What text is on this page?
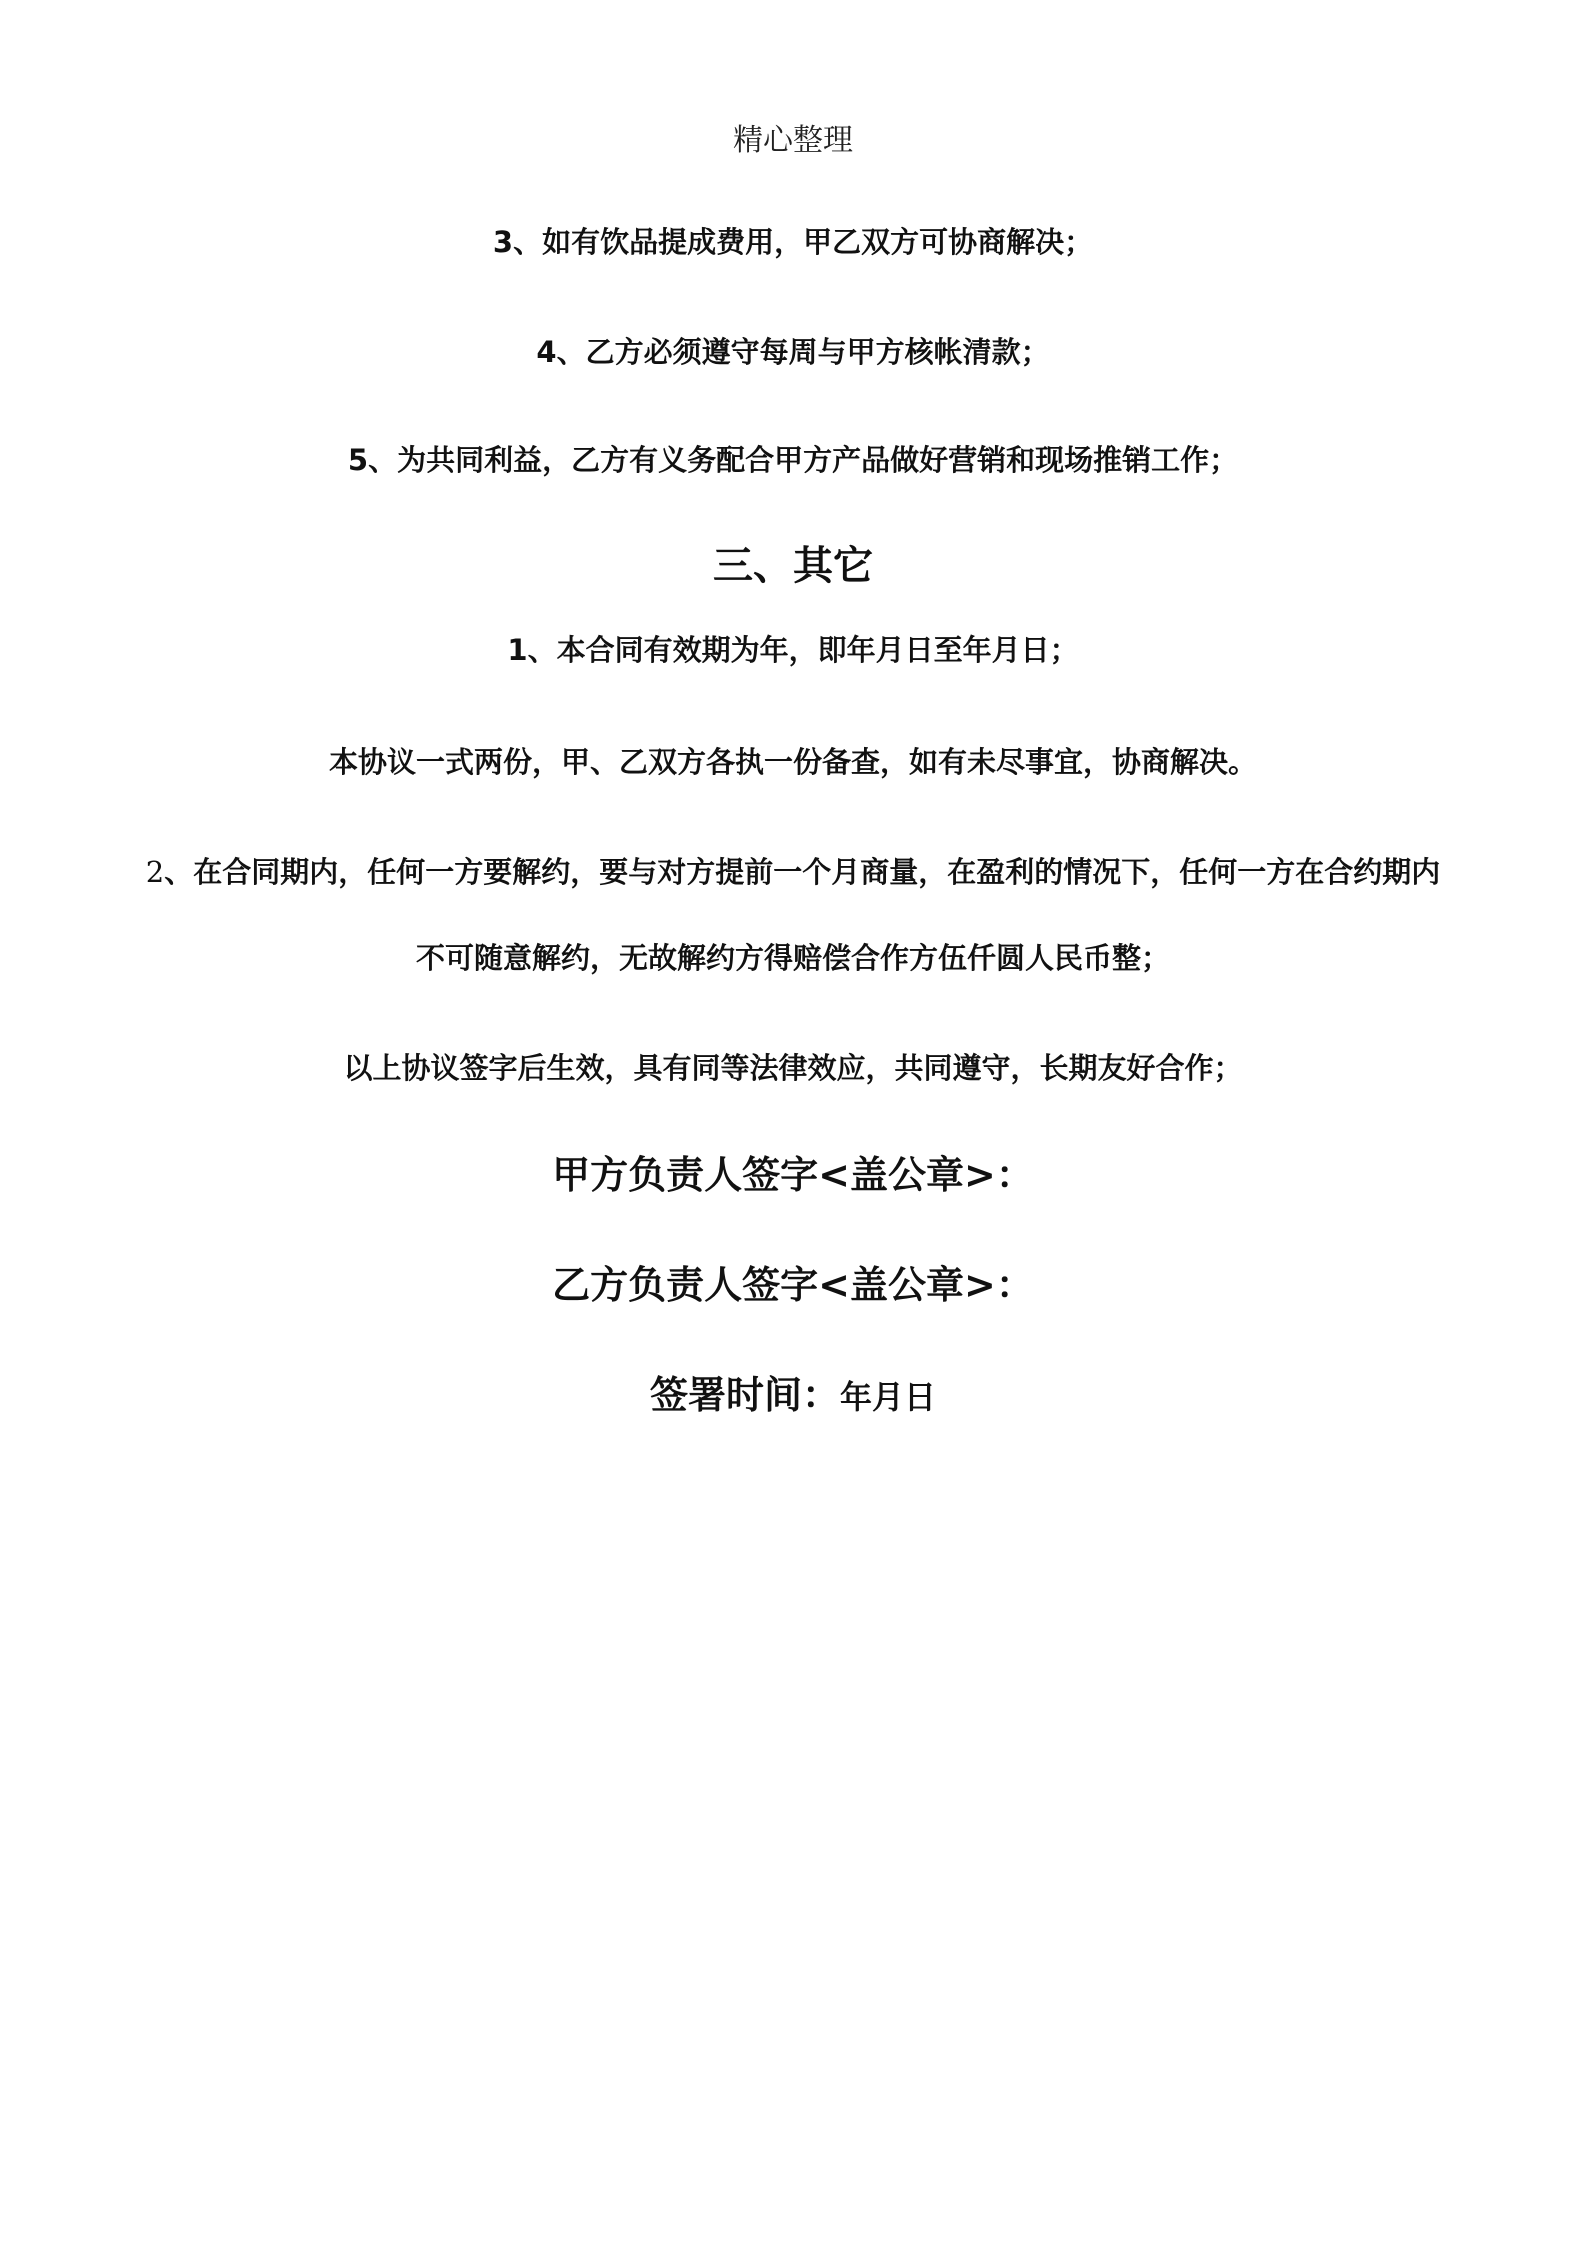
精心整理
3、如有饮品提成费用，甲乙双方可协商解决；
4、乙方必须遵守每周与甲方核帐清款；
5、为共同利益，乙方有义务配合甲方产品做好营销和现场推销工作；
三、其它
1、本合同有效期为年，即年月日至年月日；
本协议一式两份，甲、乙双方各执一份备查，如有未尽事宜，协商解决。
2、在合同期内，任何一方要解约，要与对方提前一个月商量，在盈利的情况下，任何一方在合约期内
不可随意解约，无故解约方得赔偿合作方伍仟圆人民币整；
以上协议签字后生效，具有同等法律效应，共同遵守，长期友好合作；
甲方负责人签字<盖公章>：
乙方负责人签字<盖公章>：
签署时间：年月日
